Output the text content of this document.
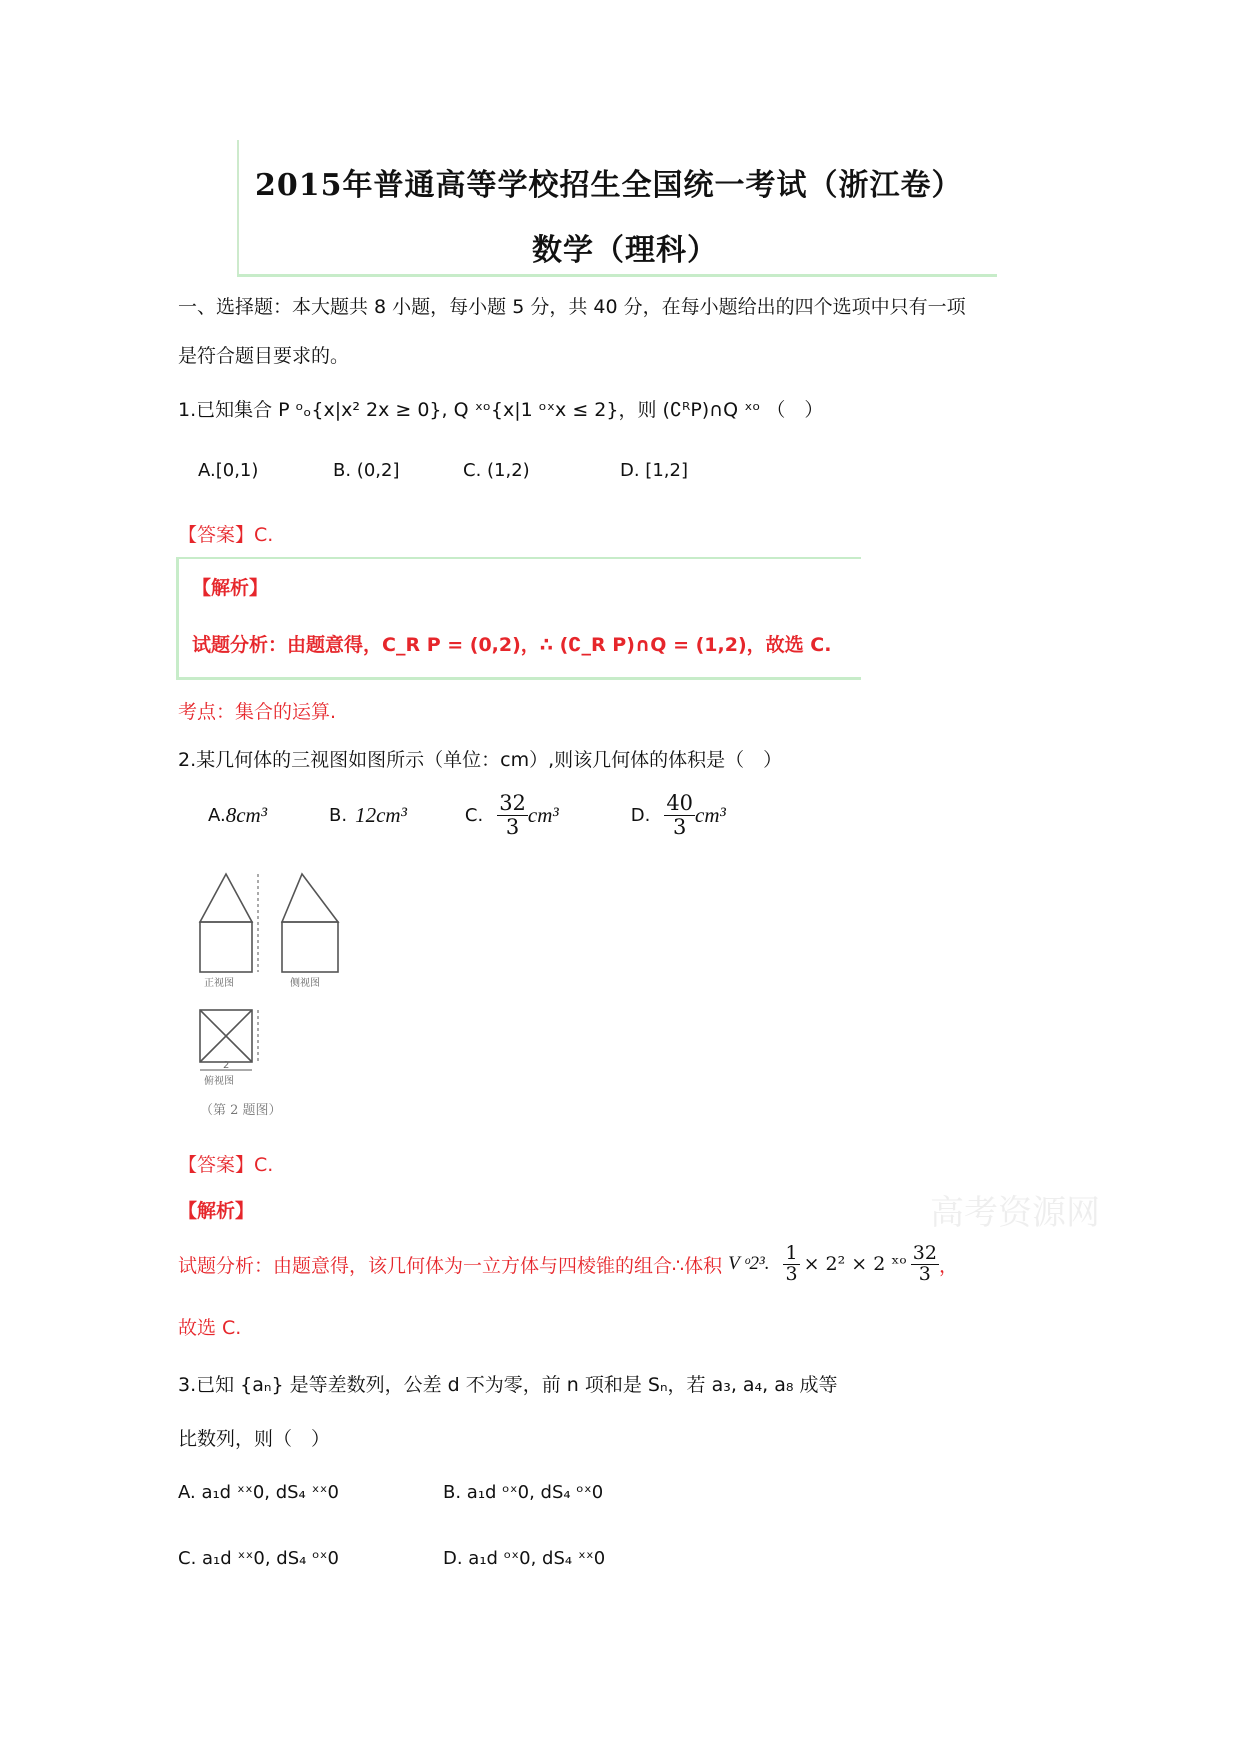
2015年普通高等学校招生全国统一考试（浙江卷）
数学（理科）
一、选择题：本大题共 8 小题，每小题 5 分，共 40 分，在每小题给出的四个选项中只有一项
是符合题目要求的。
1.已知集合 P ᵒₒ{x|x² 2x ≥ 0}, Q ˣᵒ{x|1 ᵒˣx ≤ 2}，则 (∁ᴿP)∩Q ˣᵒ （　）
A.[0,1)	B. (0,2]	C. (1,2)	D. [1,2]
【答案】C.
【解析】
试题分析：由题意得，C_R P = (0,2)，∴ (∁_R P)∩Q = (1,2)，故选 C.
考点：集合的运算.
2.某几何体的三视图如图所示（单位：cm）,则该几何体的体积是（　）
A. 8cm³	B. 12cm³	C. $\frac{32}{3} cm^3$	D. $\frac{40}{3} cm^3$
正视图	侧视图
2
俯视图
（第 2 题图）
【答案】C.
【解析】	高考资源网
试题分析：由题意得，该几何体为一立方体与四棱锥的组合∴体积 V ᵒ2³. $\frac{1}{3} \times 2^2 \times 2$ ˣᵒ $\frac{32}{3}$ ，
故选 C.
3.已知 {aₙ} 是等差数列，公差 d 不为零，前 n 项和是 Sₙ，若 a₃, a₄, a₈ 成等
比数列，则（　）
A. a₁d ˣˣ0, dS₄ ˣˣ0	B. a₁d ᵒˣ0, dS₄ ᵒˣ0
C. a₁d ˣˣ0, dS₄ ᵒˣ0	D. a₁d ᵒˣ0, dS₄ ˣˣ0
